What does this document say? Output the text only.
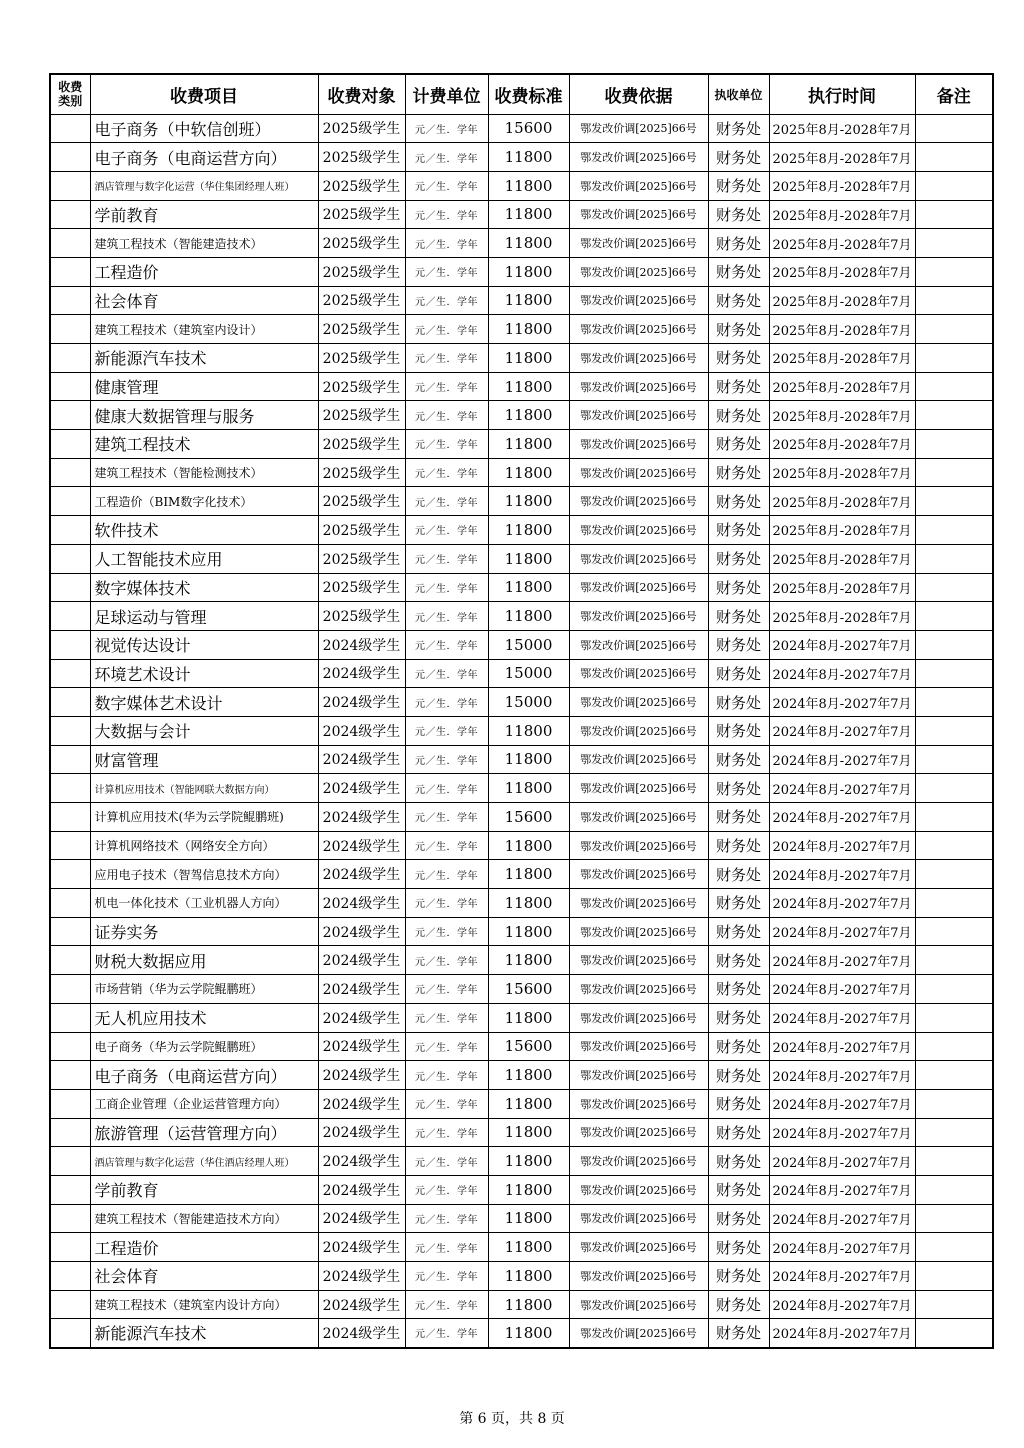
收费类别	收费项目	收费对象	计费单位	收费标准	收费依据	执收单位	执行时间	备注
	电子商务（中软信创班）	2025级学生	元／生．学年	15600	鄂发改价调[2025]66号	财务处	2025年8月-2028年7月	
	电子商务（电商运营方向）	2025级学生	元／生．学年	11800	鄂发改价调[2025]66号	财务处	2025年8月-2028年7月	
	酒店管理与数字化运营（华住集团经理人班）	2025级学生	元／生．学年	11800	鄂发改价调[2025]66号	财务处	2025年8月-2028年7月	
	学前教育	2025级学生	元／生．学年	11800	鄂发改价调[2025]66号	财务处	2025年8月-2028年7月	
	建筑工程技术（智能建造技术）	2025级学生	元／生．学年	11800	鄂发改价调[2025]66号	财务处	2025年8月-2028年7月	
	工程造价	2025级学生	元／生．学年	11800	鄂发改价调[2025]66号	财务处	2025年8月-2028年7月	
	社会体育	2025级学生	元／生．学年	11800	鄂发改价调[2025]66号	财务处	2025年8月-2028年7月	
	建筑工程技术（建筑室内设计）	2025级学生	元／生．学年	11800	鄂发改价调[2025]66号	财务处	2025年8月-2028年7月	
	新能源汽车技术	2025级学生	元／生．学年	11800	鄂发改价调[2025]66号	财务处	2025年8月-2028年7月	
	健康管理	2025级学生	元／生．学年	11800	鄂发改价调[2025]66号	财务处	2025年8月-2028年7月	
	健康大数据管理与服务	2025级学生	元／生．学年	11800	鄂发改价调[2025]66号	财务处	2025年8月-2028年7月	
	建筑工程技术	2025级学生	元／生．学年	11800	鄂发改价调[2025]66号	财务处	2025年8月-2028年7月	
	建筑工程技术（智能检测技术）	2025级学生	元／生．学年	11800	鄂发改价调[2025]66号	财务处	2025年8月-2028年7月	
	工程造价（BIM数字化技术）	2025级学生	元／生．学年	11800	鄂发改价调[2025]66号	财务处	2025年8月-2028年7月	
	软件技术	2025级学生	元／生．学年	11800	鄂发改价调[2025]66号	财务处	2025年8月-2028年7月	
	人工智能技术应用	2025级学生	元／生．学年	11800	鄂发改价调[2025]66号	财务处	2025年8月-2028年7月	
	数字媒体技术	2025级学生	元／生．学年	11800	鄂发改价调[2025]66号	财务处	2025年8月-2028年7月	
	足球运动与管理	2025级学生	元／生．学年	11800	鄂发改价调[2025]66号	财务处	2025年8月-2028年7月	
	视觉传达设计	2024级学生	元／生．学年	15000	鄂发改价调[2025]66号	财务处	2024年8月-2027年7月	
	环境艺术设计	2024级学生	元／生．学年	15000	鄂发改价调[2025]66号	财务处	2024年8月-2027年7月	
	数字媒体艺术设计	2024级学生	元／生．学年	15000	鄂发改价调[2025]66号	财务处	2024年8月-2027年7月	
	大数据与会计	2024级学生	元／生．学年	11800	鄂发改价调[2025]66号	财务处	2024年8月-2027年7月	
	财富管理	2024级学生	元／生．学年	11800	鄂发改价调[2025]66号	财务处	2024年8月-2027年7月	
	计算机应用技术（智能网联大数据方向）	2024级学生	元／生．学年	11800	鄂发改价调[2025]66号	财务处	2024年8月-2027年7月	
	计算机应用技术(华为云学院鲲鹏班)	2024级学生	元／生．学年	15600	鄂发改价调[2025]66号	财务处	2024年8月-2027年7月	
	计算机网络技术（网络安全方向）	2024级学生	元／生．学年	11800	鄂发改价调[2025]66号	财务处	2024年8月-2027年7月	
	应用电子技术（智驾信息技术方向）	2024级学生	元／生．学年	11800	鄂发改价调[2025]66号	财务处	2024年8月-2027年7月	
	机电一体化技术（工业机器人方向）	2024级学生	元／生．学年	11800	鄂发改价调[2025]66号	财务处	2024年8月-2027年7月	
	证券实务	2024级学生	元／生．学年	11800	鄂发改价调[2025]66号	财务处	2024年8月-2027年7月	
	财税大数据应用	2024级学生	元／生．学年	11800	鄂发改价调[2025]66号	财务处	2024年8月-2027年7月	
	市场营销（华为云学院鲲鹏班）	2024级学生	元／生．学年	15600	鄂发改价调[2025]66号	财务处	2024年8月-2027年7月	
	无人机应用技术	2024级学生	元／生．学年	11800	鄂发改价调[2025]66号	财务处	2024年8月-2027年7月	
	电子商务（华为云学院鲲鹏班）	2024级学生	元／生．学年	15600	鄂发改价调[2025]66号	财务处	2024年8月-2027年7月	
	电子商务（电商运营方向）	2024级学生	元／生．学年	11800	鄂发改价调[2025]66号	财务处	2024年8月-2027年7月	
	工商企业管理（企业运营管理方向）	2024级学生	元／生．学年	11800	鄂发改价调[2025]66号	财务处	2024年8月-2027年7月	
	旅游管理（运营管理方向）	2024级学生	元／生．学年	11800	鄂发改价调[2025]66号	财务处	2024年8月-2027年7月	
	酒店管理与数字化运营（华住酒店经理人班）	2024级学生	元／生．学年	11800	鄂发改价调[2025]66号	财务处	2024年8月-2027年7月	
	学前教育	2024级学生	元／生．学年	11800	鄂发改价调[2025]66号	财务处	2024年8月-2027年7月	
	建筑工程技术（智能建造技术方向）	2024级学生	元／生．学年	11800	鄂发改价调[2025]66号	财务处	2024年8月-2027年7月	
	工程造价	2024级学生	元／生．学年	11800	鄂发改价调[2025]66号	财务处	2024年8月-2027年7月	
	社会体育	2024级学生	元／生．学年	11800	鄂发改价调[2025]66号	财务处	2024年8月-2027年7月	
	建筑工程技术（建筑室内设计方向）	2024级学生	元／生．学年	11800	鄂发改价调[2025]66号	财务处	2024年8月-2027年7月	
	新能源汽车技术	2024级学生	元／生．学年	11800	鄂发改价调[2025]66号	财务处	2024年8月-2027年7月	
第 6 页，共 8 页
